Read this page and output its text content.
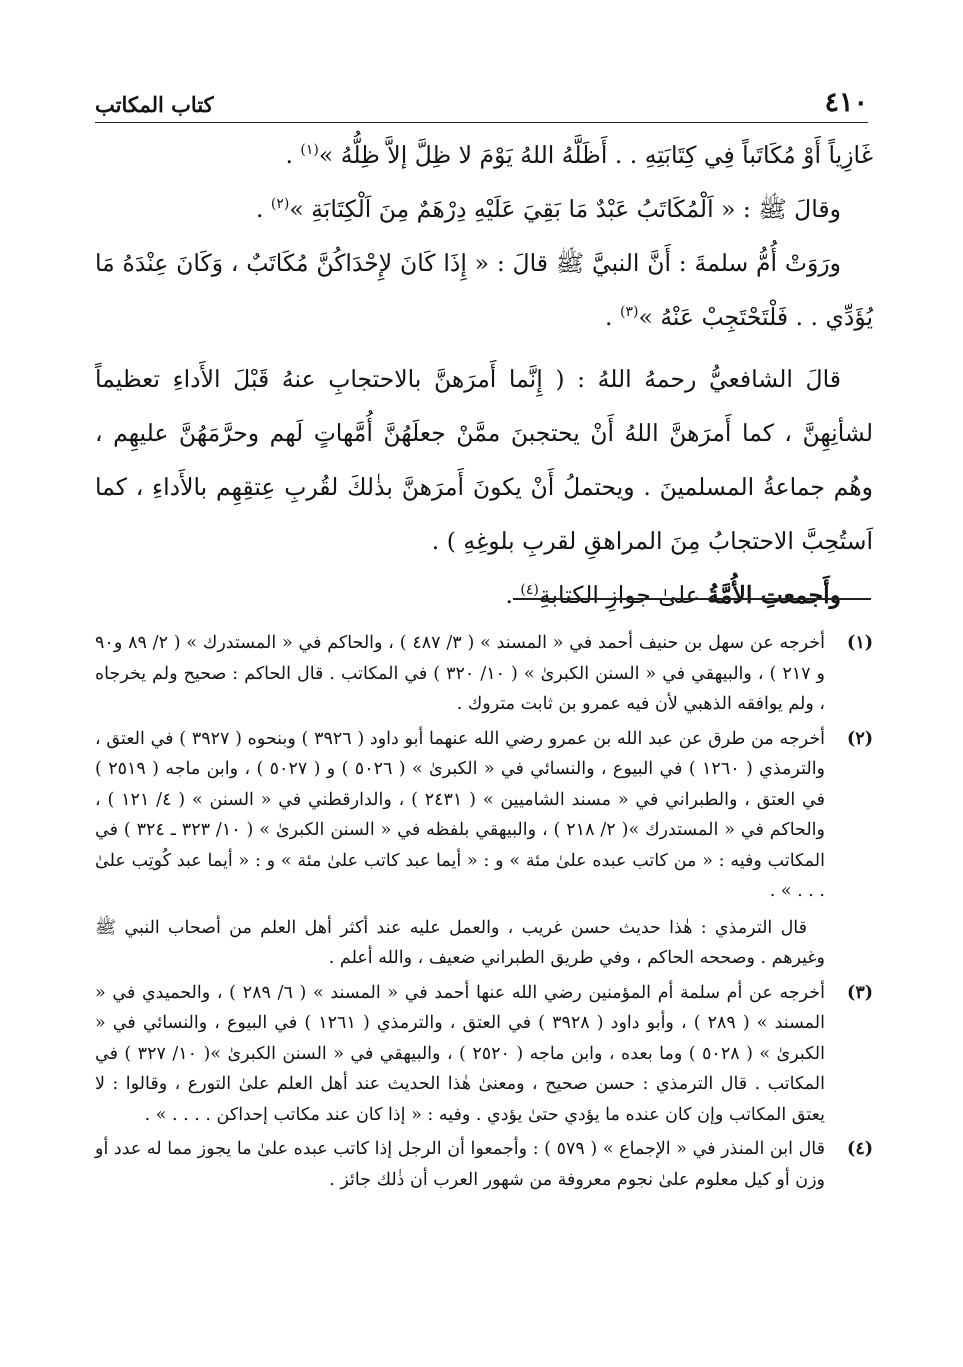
٤١٠
كتاب المكاتب

غَازِياً أَوْ مُكَاتَباً فِي كِتَابَتِهِ . . أَظَلَّهُ اللهُ يَوْمَ لا ظِلَّ إلاَّ ظِلُّهُ »$^{(١)}$ .

وقالَ ﷺ : « اَلْمُكَاتَبُ عَبْدٌ مَا بَقِيَ عَلَيْهِ دِرْهَمٌ مِنَ اَلْكِتَابَةِ »$^{(٢)}$ .

ورَوَتْ أُمُّ سلمةَ : أَنَّ النبيَّ ﷺ قالَ : « إِذَا كَانَ لإِحْدَاكُنَّ مُكَاتَبٌ ، وَكَانَ عِنْدَهُ مَا يُؤَدِّي . . فَلْتَحْتَجِبْ عَنْهُ »$^{(٣)}$ .

قالَ الشافعيُّ رحمهُ اللهُ : ( إِنَّما أَمرَهنَّ بالاحتجابِ عنهُ قَبْلَ الأَداءِ تعظيماً لشأنِهِنَّ ، كما أَمرَهنَّ اللهُ أَنْ يحتجبنَ ممَّنْ جعلَهُنَّ أُمَّهاتٍ لَهم وحرَّمَهُنَّ عليهِم ، وهُم جماعةُ المسلمينَ . ويحتملُ أَنْ يكونَ أَمرَهنَّ بذٰلكَ لقُربِ عِتقِهِم بالأَداءِ ، كما اَستُحِبَّ الاحتجابُ مِنَ المراهقِ لقربِ بلوغِهِ ) .

وأَجمعتِ الأُمَّةُ علىٰ جوازِ الكتابةِ$^{(٤)}$ .

(١)

أخرجه عن سهل بن حنيف أحمد في « المسند » ( ٣/ ٤٨٧ ) ، والحاكم في « المستدرك » ( ٢/ ٨٩ و٩٠ و ٢١٧ ) ، والبيهقي في « السنن الكبرىٰ » ( ١٠/ ٣٢٠ ) في المكاتب . قال الحاكم : صحيح ولم يخرجاه ، ولم يوافقه الذهبي لأن فيه عمرو بن ثابت متروك .

(٢)

أخرجه من طرق عن عبد الله بن عمرو رضي الله عنهما أبو داود ( ٣٩٢٦ ) وبنحوه ( ٣٩٢٧ ) في العتق ، والترمذي ( ١٢٦٠ ) في البيوع ، والنسائي في « الكبرىٰ » ( ٥٠٢٦ ) و ( ٥٠٢٧ ) ، وابن ماجه ( ٢٥١٩ ) في العتق ، والطبراني في « مسند الشاميين » ( ٢٤٣١ ) ، والدارقطني في « السنن » ( ٤/ ١٢١ ) ، والحاكم في « المستدرك »( ٢/ ٢١٨ ) ، والبيهقي بلفظه في « السنن الكبرىٰ » ( ١٠/ ٣٢٣ ـ ٣٢٤ ) في المكاتب وفيه : « من كاتب عبده علىٰ مئة » و : « أيما عبد كاتب علىٰ مئة » و : « أيما عبد كُوتِب علىٰ . . . » .

قال الترمذي : هٰذا حديث حسن غريب ، والعمل عليه عند أكثر أهل العلم من أصحاب النبي ﷺ وغيرهم . وصححه الحاكم ، وفي طريق الطبراني ضعيف ، والله أعلم .

(٣)

أخرجه عن أم سلمة أم المؤمنين رضي الله عنها أحمد في « المسند » ( ٦/ ٢٨٩ ) ، والحميدي في « المسند » ( ٢٨٩ ) ، وأبو داود ( ٣٩٢٨ ) في العتق ، والترمذي ( ١٢٦١ ) في البيوع ، والنسائي في « الكبرىٰ » ( ٥٠٢٨ ) وما بعده ، وابن ماجه ( ٢٥٢٠ ) ، والبيهقي في « السنن الكبرىٰ »( ١٠/ ٣٢٧ ) في المكاتب . قال الترمذي : حسن صحيح ، ومعنىٰ هٰذا الحديث عند أهل العلم علىٰ التورع ، وقالوا : لا يعتق المكاتب وإن كان عنده ما يؤدي حتىٰ يؤدي . وفيه : « إذا كان عند مكاتب إحداكن . . . . » .

(٤)

قال ابن المنذر في « الإجماع » ( ٥٧٩ ) : وأجمعوا أن الرجل إذا كاتب عبده علىٰ ما يجوز مما له عدد أو وزن أو كيل معلوم علىٰ نجوم معروفة من شهور العرب أن ذٰلك جائز .
